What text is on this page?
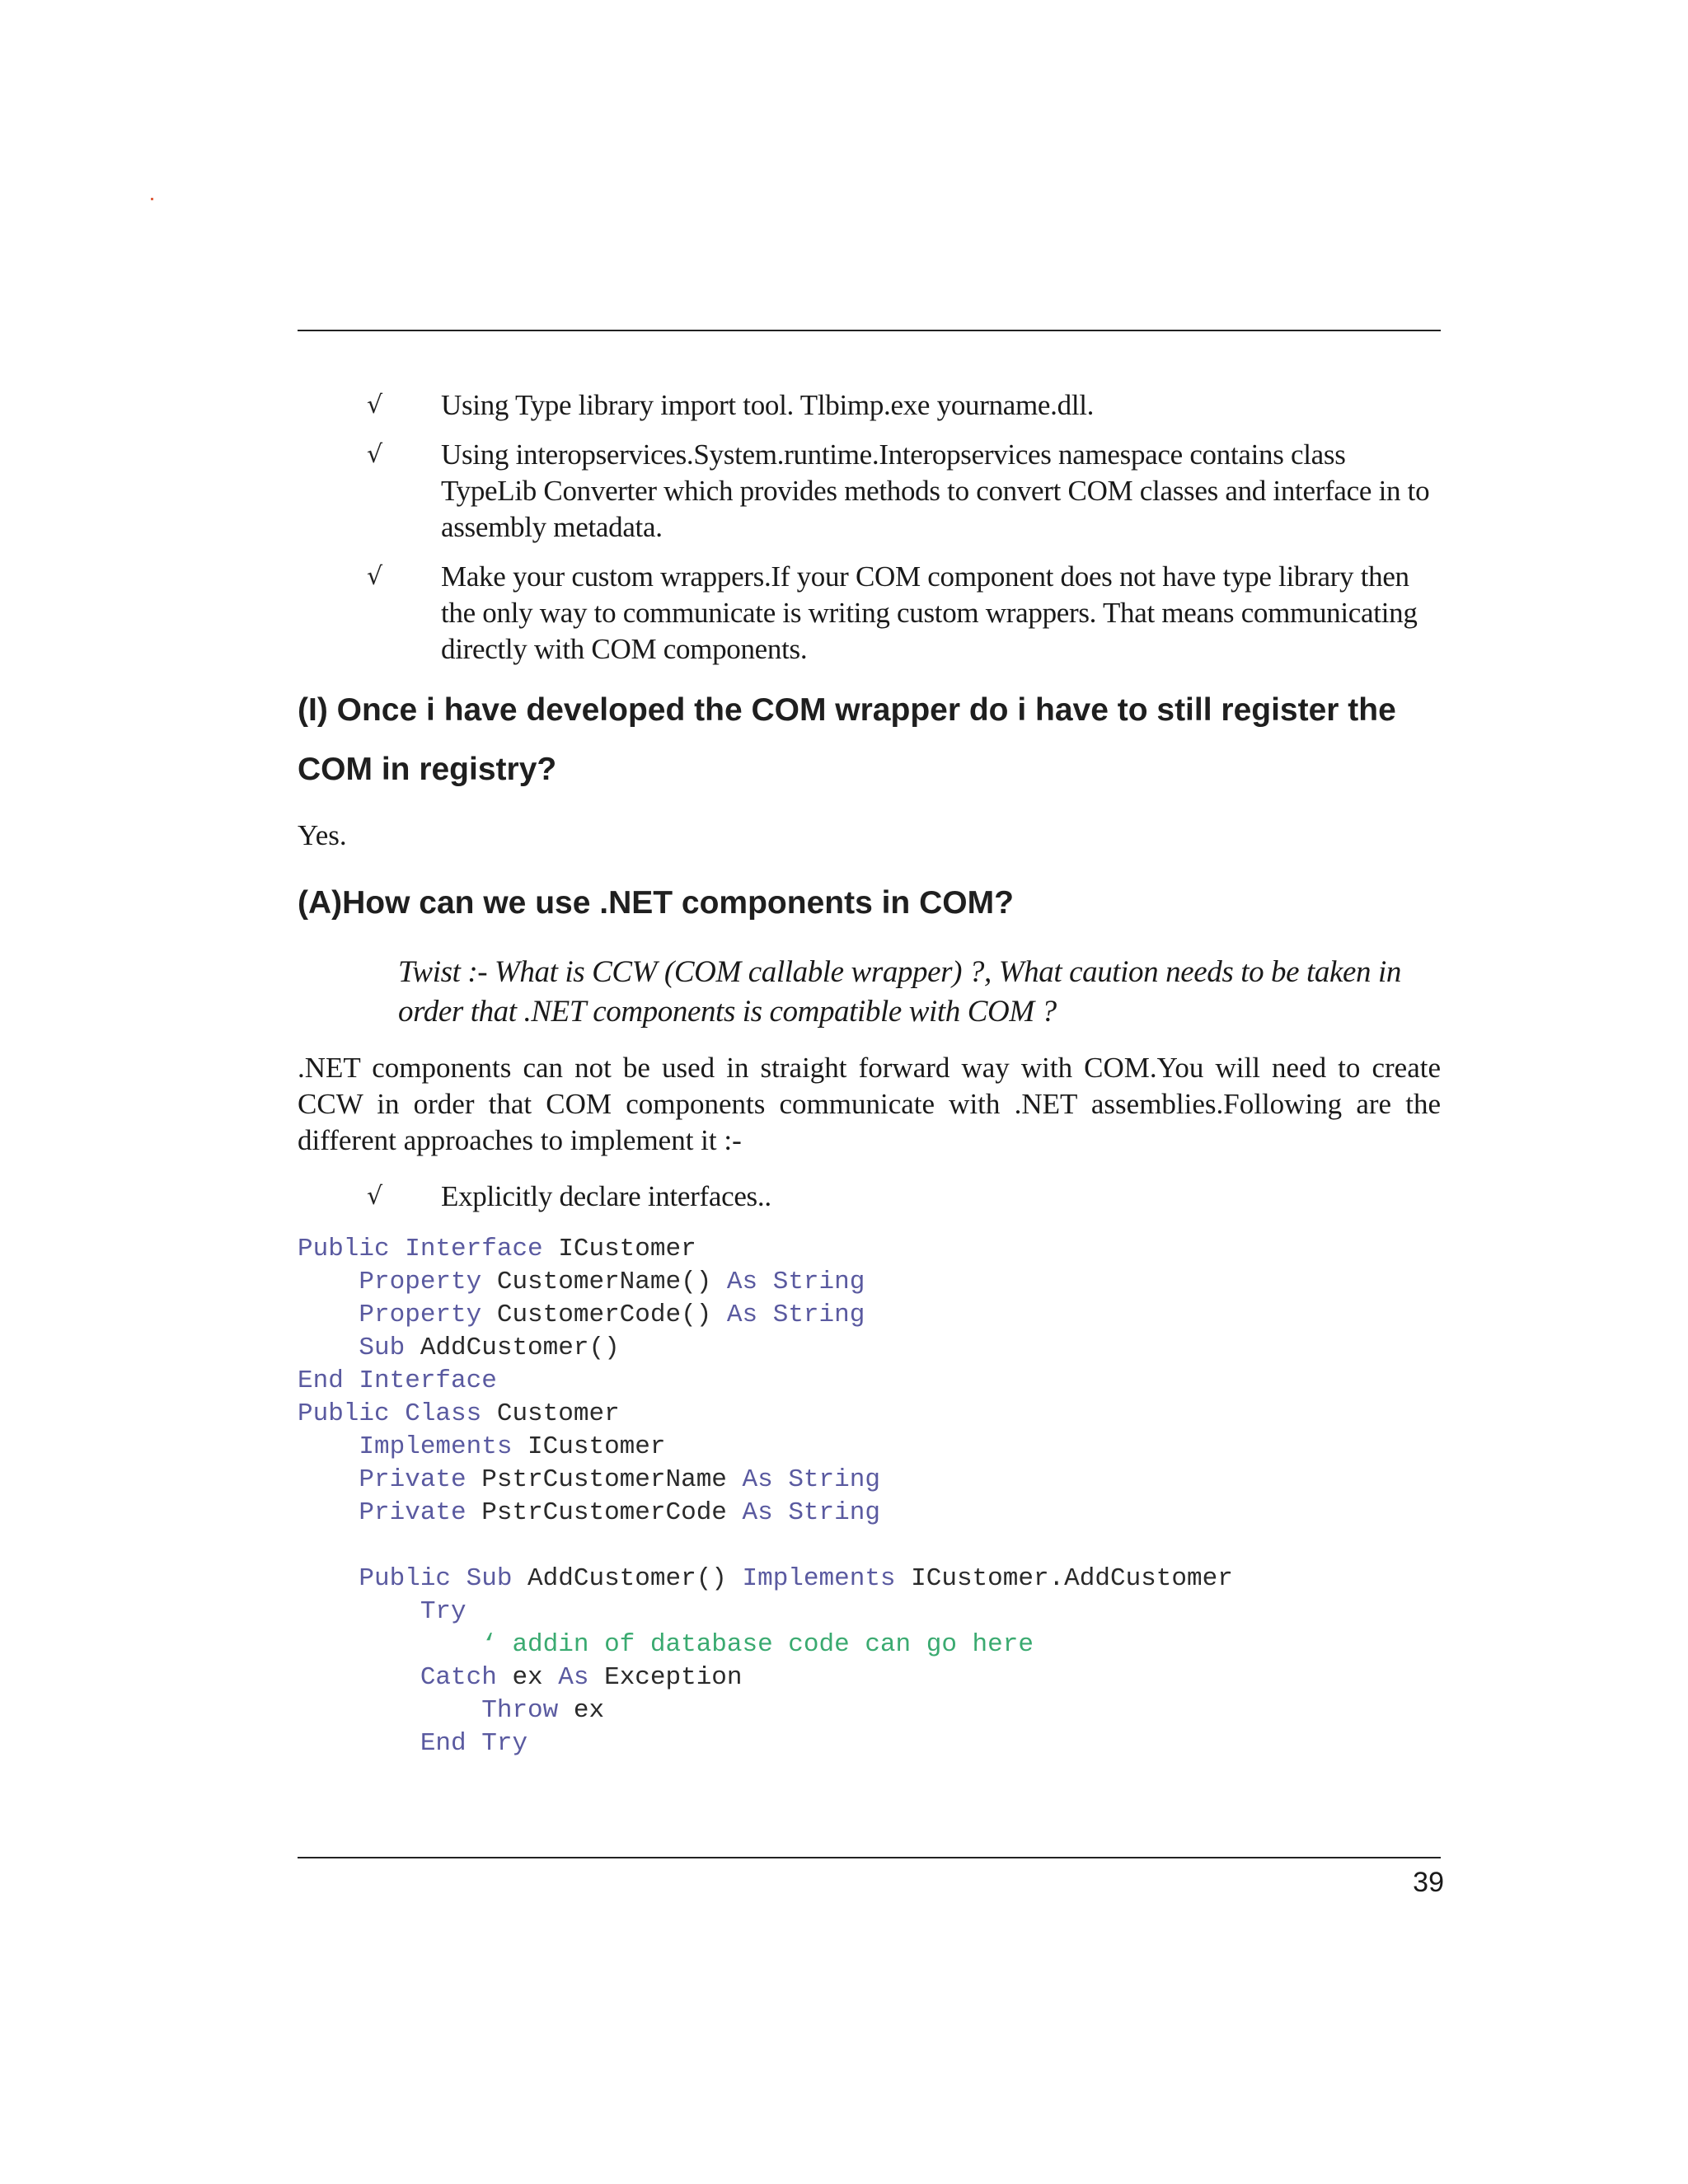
√	Using Type library import tool. Tlbimp.exe yourname.dll.
√	Using interopservices.System.runtime.Interopservices namespace contains class TypeLib Converter which provides methods to convert COM classes and interface in to assembly metadata.
√	Make your custom wrappers.If your COM component does not have type library then the only way to communicate is writing custom wrappers. That means communicating directly with COM components.
(I) Once i have developed the COM wrapper do i have to still register the COM in registry?

Yes.

(A)How can we use .NET components in COM?

Twist :- What is CCW (COM callable wrapper) ?, What caution needs to be taken in order that .NET components is compatible with COM ?

.NET components can not be used in straight forward way with COM.You will need to create CCW in order that COM components communicate with .NET assemblies.Following are the different approaches to implement it :-

√	Explicitly declare interfaces..
Public Interface ICustomer
Property CustomerName() As String
Property CustomerCode() As String
Sub AddCustomer()
End Interface
Public Class Customer
Implements ICustomer
Private PstrCustomerName As String
Private PstrCustomerCode As String
Public Sub AddCustomer() Implements ICustomer.AddCustomer
Try
‘ addin of database code can go here
Catch ex As Exception
Throw ex
End Try
39
